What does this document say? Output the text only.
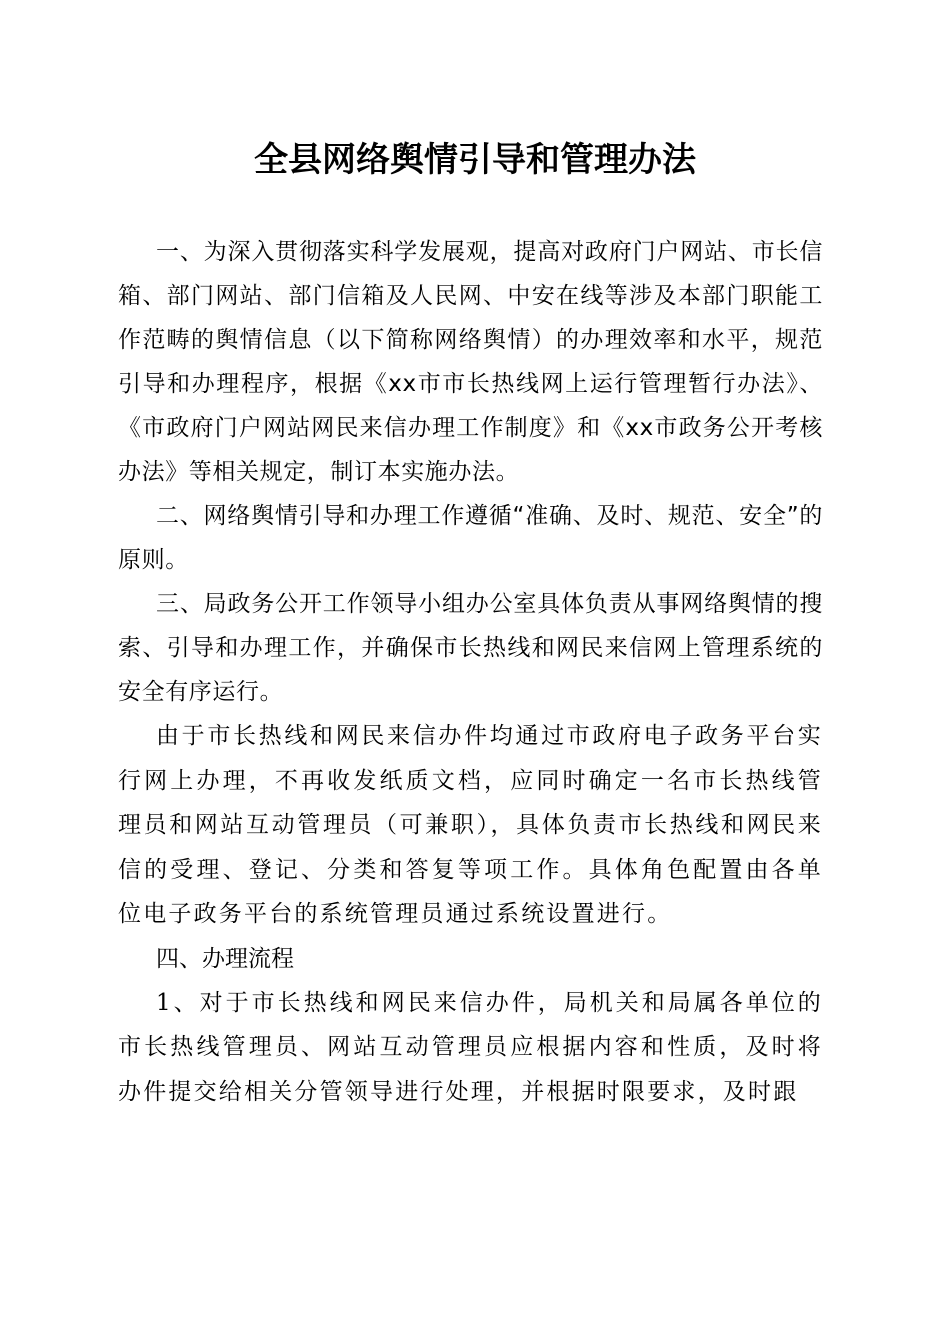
全县网络舆情引导和管理办法

一、为深入贯彻落实科学发展观，提高对政府门户网站、市长信箱、部门网站、部门信箱及人民网、中安在线等涉及本部门职能工作范畴的舆情信息（以下简称网络舆情）的办理效率和水平，规范引导和办理程序，根据《xx市市长热线网上运行管理暂行办法》、《市政府门户网站网民来信办理工作制度》和《xx市政务公开考核办法》等相关规定，制订本实施办法。

二、网络舆情引导和办理工作遵循“准确、及时、规范、安全”的原则。

三、局政务公开工作领导小组办公室具体负责从事网络舆情的搜索、引导和办理工作，并确保市长热线和网民来信网上管理系统的安全有序运行。

由于市长热线和网民来信办件均通过市政府电子政务平台实行网上办理，不再收发纸质文档，应同时确定一名市长热线管理员和网站互动管理员（可兼职），具体负责市长热线和网民来信的受理、登记、分类和答复等项工作。具体角色配置由各单位电子政务平台的系统管理员通过系统设置进行。

四、办理流程

1、对于市长热线和网民来信办件，局机关和局属各单位的市长热线管理员、网站互动管理员应根据内容和性质，及时将办件提交给相关分管领导进行处理，并根据时限要求，及时跟
